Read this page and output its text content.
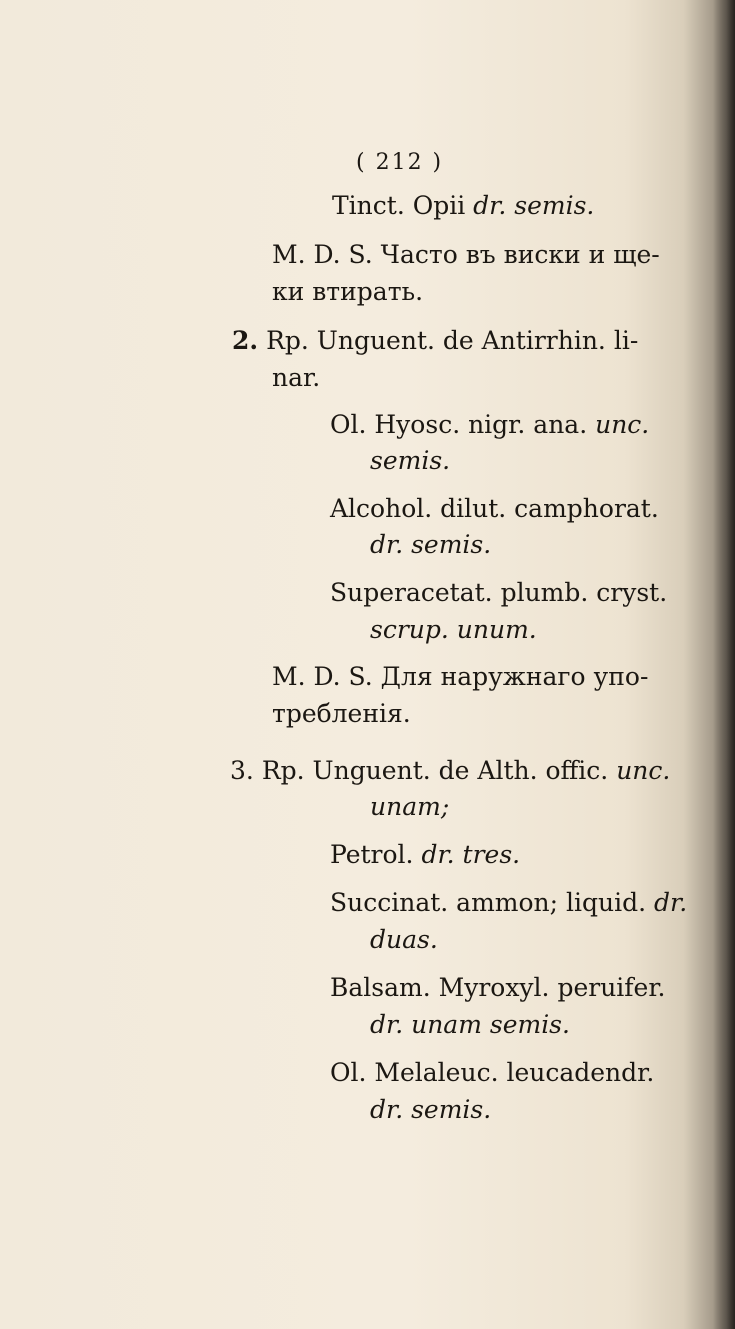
( 212 )
Tinct. Opii dr. semis.
M. D. S. Часто въ виски и ще-
ки втирать.
2. Rp. Unguent. de Antirrhin. li-
nar.
Ol. Hyosc. nigr. ana. unc.
semis.
Alcohol. dilut. camphorat.
dr. semis.
Superacetat. plumb. cryst.
scrup. unum.
M. D. S. Для наружнаго упо-
требленія.
3. Rp. Unguent. de Alth. offic. unc.
unam;
Petrol. dr. tres.
Succinat. ammon; liquid. dr.
duas.
Balsam. Myroxyl. peruifer.
dr. unam semis.
Ol. Melaleuc. leucadendr.
dr. semis.
